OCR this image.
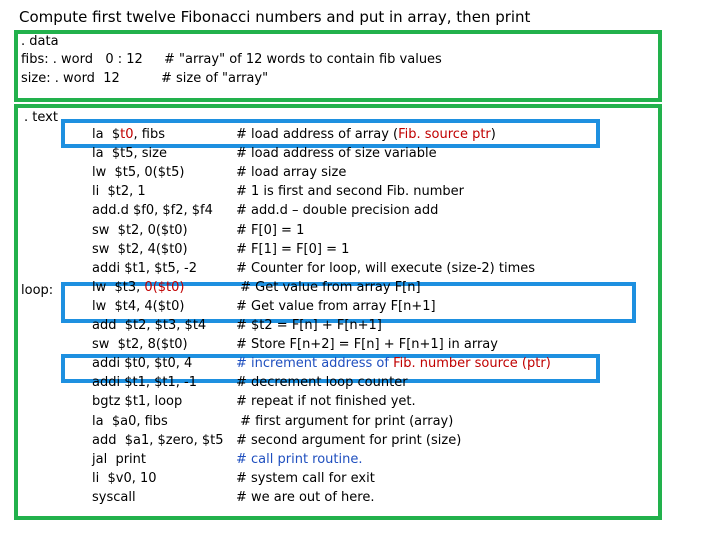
Compute first twelve Fibonacci numbers and put in array, then print
. data
fibs: . word   0 : 12 # "array" of 12 words to contain fib values
size: . word  12	# size of "array"
. text
loop:
la  $t0, fibs	# load address of array (Fib. source ptr)
la  $t5, size	# load address of size variable
lw  $t5, 0($t5)	# load array size
li  $t2, 1	# 1 is first and second Fib. number
add.d $f0, $f2, $f4 # add.d – double precision add
sw  $t2, 0($t0)	# F[0] = 1
sw  $t2, 4($t0)	# F[1] = F[0] = 1
addi $t1, $t5, -2	# Counter for loop, will execute (size-2) times
lw  $t3, 0($t0)	# Get value from array F[n]
lw  $t4, 4($t0)	# Get value from array F[n+1]
add  $t2, $t3, $t4 # $t2 = F[n] + F[n+1]
sw  $t2, 8($t0)	# Store F[n+2] = F[n] + F[n+1] in array
addi $t0, $t0, 4	# increment address of Fib. number source (ptr)
addi $t1, $t1, -1	# decrement loop counter
bgtz $t1, loop	# repeat if not finished yet.
la  $a0, fibs	# first argument for print (array)
add  $a1, $zero, $t5 # second argument for print (size)
jal  print	# call print routine.
li  $v0, 10	# system call for exit
syscall	# we are out of here.
